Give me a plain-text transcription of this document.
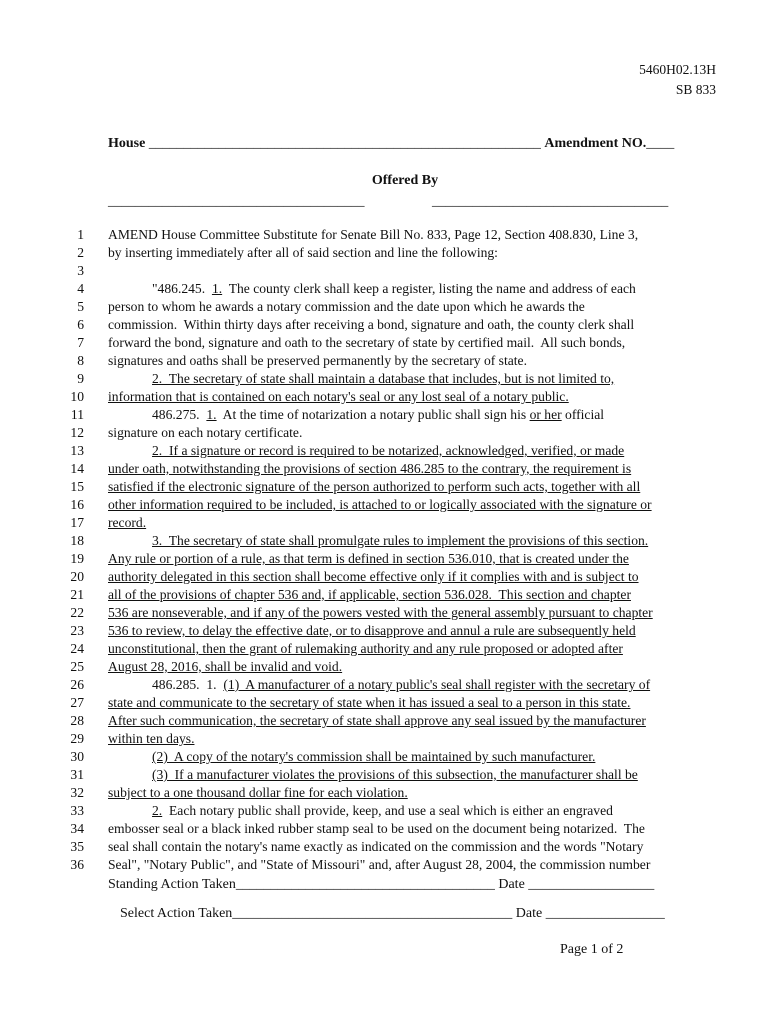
5460H02.13H
SB 833
House ________________________________________________________ Amendment NO.____
Offered By
______________________________________	___________________________________
1 AMEND House Committee Substitute for Senate Bill No. 833, Page 12, Section 408.830, Line 3,
2 by inserting immediately after all of said section and line the following:
3
4	"486.245.  1.  The county clerk shall keep a register, listing the name and address of each
5 person to whom he awards a notary commission and the date upon which he awards the
6 commission.  Within thirty days after receiving a bond, signature and oath, the county clerk shall
7 forward the bond, signature and oath to the secretary of state by certified mail.  All such bonds,
8 signatures and oaths shall be preserved permanently by the secretary of state.
9	2.  The secretary of state shall maintain a database that includes, but is not limited to,
10 information that is contained on each notary's seal or any lost seal of a notary public.
11	486.275.  1.  At the time of notarization a notary public shall sign his or her official
12 signature on each notary certificate.
13	2.  If a signature or record is required to be notarized, acknowledged, verified, or made
14 under oath, notwithstanding the provisions of section 486.285 to the contrary, the requirement is
15 satisfied if the electronic signature of the person authorized to perform such acts, together with all
16 other information required to be included, is attached to or logically associated with the signature or
17 record.
18	3.  The secretary of state shall promulgate rules to implement the provisions of this section.
19 Any rule or portion of a rule, as that term is defined in section 536.010, that is created under the
20 authority delegated in this section shall become effective only if it complies with and is subject to
21 all of the provisions of chapter 536 and, if applicable, section 536.028.  This section and chapter
22 536 are nonseverable, and if any of the powers vested with the general assembly pursuant to chapter
23 536 to review, to delay the effective date, or to disapprove and annul a rule are subsequently held
24 unconstitutional, then the grant of rulemaking authority and any rule proposed or adopted after
25 August 28, 2016, shall be invalid and void.
26	486.285.  1.  (1)  A manufacturer of a notary public's seal shall register with the secretary of
27 state and communicate to the secretary of state when it has issued a seal to a person in this state.
28 After such communication, the secretary of state shall approve any seal issued by the manufacturer
29 within ten days.
30	(2)  A copy of the notary's commission shall be maintained by such manufacturer.
31	(3)  If a manufacturer violates the provisions of this subsection, the manufacturer shall be
32 subject to a one thousand dollar fine for each violation.
33	2.  Each notary public shall provide, keep, and use a seal which is either an engraved
34 embosser seal or a black inked rubber stamp seal to be used on the document being notarized.  The
35 seal shall contain the notary's name exactly as indicated on the commission and the words "Notary
36 Seal", "Notary Public", and "State of Missouri" and, after August 28, 2004, the commission number
Standing Action Taken_____________________________________ Date __________________
Select Action Taken________________________________________ Date _________________
Page 1 of 2
